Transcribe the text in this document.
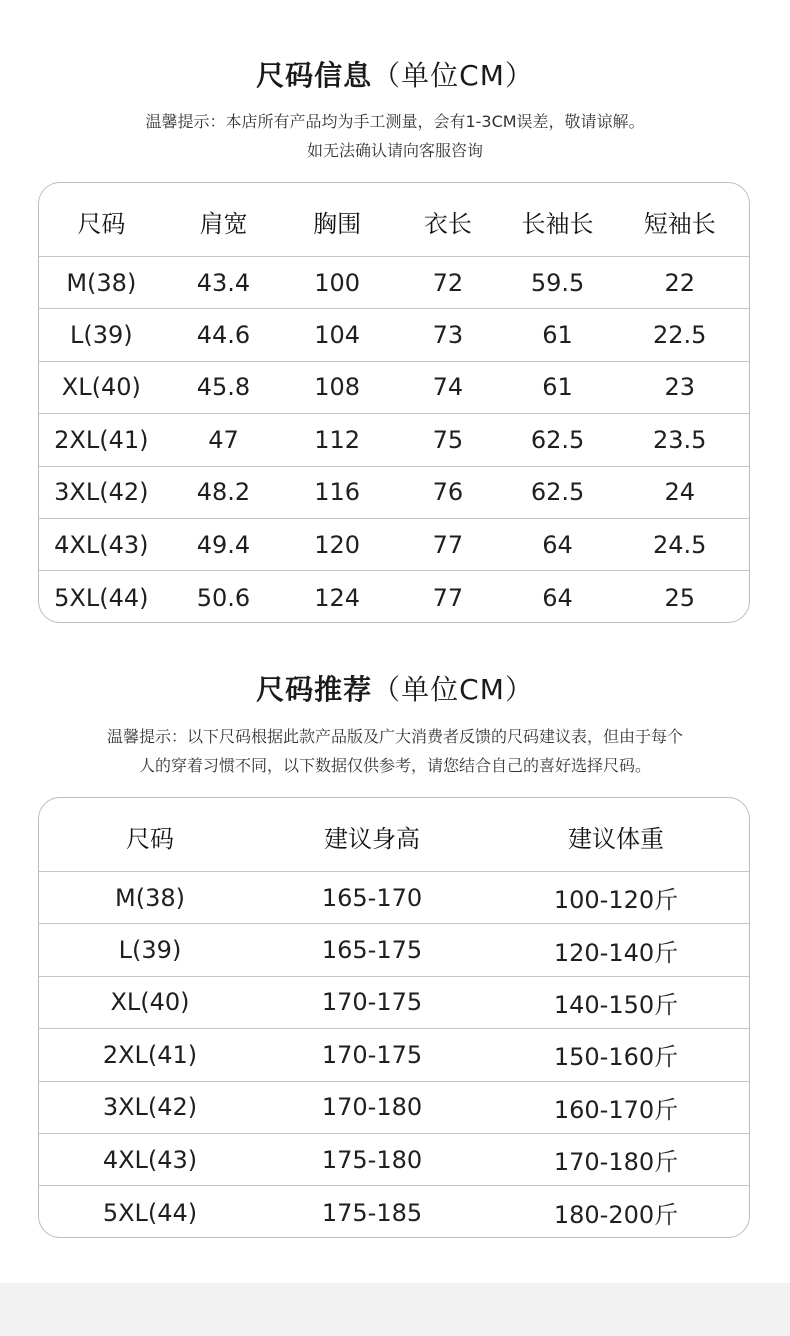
尺码信息（单位CM）
温馨提示：本店所有产品均为手工测量，会有1-3CM误差，敬请谅解。
如无法确认请向客服咨询
尺码	肩宽	胸围	衣长	长袖长	短袖长
M(38)	43.4	100	72	59.5	22
L(39)	44.6	104	73	61	22.5
XL(40)	45.8	108	74	61	23
2XL(41)	47	112	75	62.5	23.5
3XL(42)	48.2	116	76	62.5	24
4XL(43)	49.4	120	77	64	24.5
5XL(44)	50.6	124	77	64	25
尺码推荐（单位CM）
温馨提示：以下尺码根据此款产品版及广大消费者反馈的尺码建议表，但由于每个
人的穿着习惯不同，以下数据仅供参考，请您结合自己的喜好选择尺码。
尺码	建议身高	建议体重
M(38)	165-170	100-120斤
L(39)	165-175	120-140斤
XL(40)	170-175	140-150斤
2XL(41)	170-175	150-160斤
3XL(42)	170-180	160-170斤
4XL(43)	175-180	170-180斤
5XL(44)	175-185	180-200斤
